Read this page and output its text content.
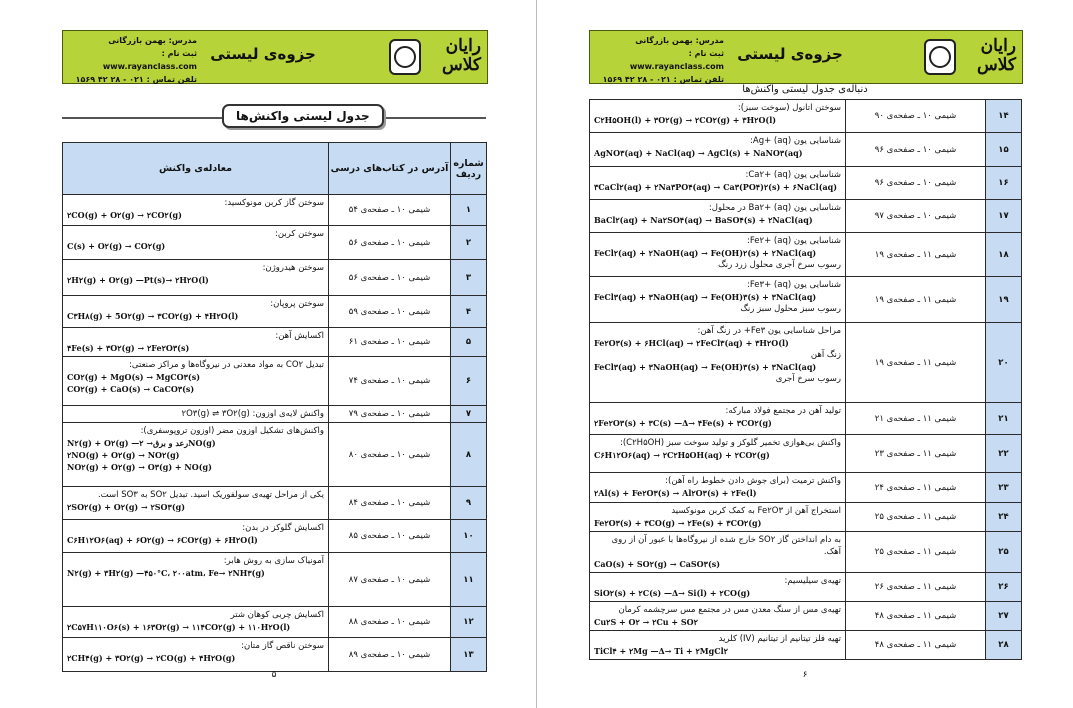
مدرس: بهمن بازرگانی
ثبت نام : www.rayanclass.com
تلفن تماس : ۰۲۱ - ۲۸ ۴۲ ۱۵۶۹
جزوه‌ی لیستی	رایان کلاس
جدول لیستی واکنش‌ها
معادله‌ی واکنش	آدرس در کتاب‌های درسی	شماره ردیف

سوختن گاز کربن مونوکسید:
۲CO(g) + O۲(g) → ۲CO۲(g)	شیمی ۱۰ ـ صفحه‌ی ۵۴	۱

سوختن کربن:
C(s) + O۲(g) → CO۲(g)	شیمی ۱۰ ـ صفحه‌ی ۵۶	۲

سوختن هیدروژن:
۲H۲(g) + O۲(g) —Pt(s)→ ۲H۲O(l)	شیمی ۱۰ ـ صفحه‌ی ۵۶	۳

سوختن پروپان:
C۳H۸(g) + 5O۲(g) → ۳CO۲(g) + ۴H۲O(l)	شیمی ۱۰ ـ صفحه‌ی ۵۹	۴

اکسایش آهن:
۴Fe(s) + ۳O۲(g) → ۲Fe۲O۳(s)	شیمی ۱۰ ـ صفحه‌ی ۶۱	۵

تبدیل CO۲ به مواد معدنی در نیروگاه‌ها و مراکز صنعتی:
CO۲(g) + MgO(s) → MgCO۳(s)
CO۲(g) + CaO(s) → CaCO۳(s)	شیمی ۱۰ ـ صفحه‌ی ۷۴	۶

واکنش لایه‌ی اوزون: ۲O۳(g) ⇌ ۳O۲(g)	شیمی ۱۰ ـ صفحه‌ی ۷۹	۷

واکنش‌های تشکیل اوزون مضر (اوزون تروپوسفری):
N۲(g) + O۲(g) —رعد و برق→ ۲NO(g)
۲NO(g) + O۲(g) → NO۲(g)
NO۲(g) + O۲(g) → O۳(g) + NO(g)	شیمی ۱۰ ـ صفحه‌ی ۸۰	۸

یکی از مراحل تهیه‌ی سولفوریک اسید. تبدیل SO۲ به SO۳ است.
۲SO۲(g) + O۲(g) → ۲SO۳(g)	شیمی ۱۰ ـ صفحه‌ی ۸۴	۹

اکسایش گلوکز در بدن:
C۶H۱۲O۶(aq) + ۶O۲(g) → ۶CO۲(g) + ۶H۲O(l)	شیمی ۱۰ ـ صفحه‌ی ۸۵	۱۰

آمونیاک سازی به روش هابر:
N۲(g) + ۳H۲(g) —۴۵۰°C، ۲۰۰atm، Fe→ ۲NH۳(g)	شیمی ۱۰ ـ صفحه‌ی ۸۷	۱۱

اکسایش چربی کوهان شتر
۲C۵۷H۱۱۰O۶(s) + ۱۶۳O۲(g) → ۱۱۴CO۲(g) + ۱۱۰H۲O(l)	شیمی ۱۰ ـ صفحه‌ی ۸۸	۱۲

سوختن ناقص گاز متان:
۲CH۴(g) + ۳O۲(g) → ۲CO(g) + ۴H۲O(g)	شیمی ۱۰ ـ صفحه‌ی ۸۹	۱۳
۵
مدرس: بهمن بازرگانی
ثبت نام : www.rayanclass.com
تلفن تماس : ۰۲۱ - ۲۸ ۴۲ ۱۵۶۹
جزوه‌ی لیستی	رایان کلاس
دنباله‌ی جدول لیستی واکنش‌ها
سوختن اتانول (سوخت سبز):
C۲H۵OH(l) + ۳O۲(g) → ۲CO۲(g) + ۳H۲O(l)	شیمی ۱۰ ـ صفحه‌ی ۹۰	۱۴

شناسایی یون Ag+ (aq):
AgNO۳(aq) + NaCl(aq) → AgCl(s) + NaNO۳(aq)	شیمی ۱۰ ـ صفحه‌ی ۹۶	۱۵

شناسایی یون Ca۲+ (aq):
۳CaCl۲(aq) + ۲Na۳PO۴(aq) → Ca۳(PO۴)۲(s) + ۶NaCl(aq)	شیمی ۱۰ ـ صفحه‌ی ۹۶	۱۶

شناسایی یون Ba۲+ (aq) در محلول:
BaCl۲(aq) + Na۲SO۴(aq) → BaSO۴(s) + ۲NaCl(aq)	شیمی ۱۰ ـ صفحه‌ی ۹۷	۱۷

شناسایی یون Fe۲+ (aq):
FeCl۲(aq) + ۲NaOH(aq) → Fe(OH)۲(s) + ۲NaCl(aq)
رسوب سرخ آجری محلول زرد رنگ	شیمی ۱۱ ـ صفحه‌ی ۱۹	۱۸

شناسایی یون Fe۳+ (aq):
FeCl۳(aq) + ۳NaOH(aq) → Fe(OH)۳(s) + ۳NaCl(aq)
رسوب سبز محلول سبز رنگ	شیمی ۱۱ ـ صفحه‌ی ۱۹	۱۹

مراحل شناسایی یون Fe۳+ در زنگ آهن:
Fe۲O۳(s) + ۶HCl(aq) → ۲FeCl۳(aq) + ۳H۲O(l)
زنگ آهن
FeCl۳(aq) + ۳NaOH(aq) → Fe(OH)۳(s) + ۳NaCl(aq)
رسوب سرخ آجری	شیمی ۱۱ ـ صفحه‌ی ۱۹	۲۰

تولید آهن در مجتمع فولاد مبارکه:
۲Fe۲O۳(s) + ۳C(s) —Δ→ ۴Fe(s) + ۳CO۲(g)	شیمی ۱۱ ـ صفحه‌ی ۲۱	۲۱

واکنش بی‌هوازی تخمیر گلوکز و تولید سوخت سبز (C۲H۵OH):
C۶H۱۲O۶(aq) → ۲C۲H۵OH(aq) + ۲CO۲(g)	شیمی ۱۱ ـ صفحه‌ی ۲۳	۲۲

واکنش ترمیت (برای جوش دادن خطوط راه آهن):
۲Al(s) + Fe۲O۳(s) → Al۲O۳(s) + ۲Fe(l)	شیمی ۱۱ ـ صفحه‌ی ۲۴	۲۳

استخراج آهن از Fe۲O۳ به کمک کربن مونوکسید
Fe۲O۳(s) + ۳CO(g) → ۲Fe(s) + ۳CO۲(g)	شیمی ۱۱ ـ صفحه‌ی ۲۵	۲۴

به دام انداختن گاز SO۲ خارج شده از نیروگاه‌ها با عبور آن از روی آهک.
CaO(s) + SO۲(g) → CaSO۳(s)	شیمی ۱۱ ـ صفحه‌ی ۲۵	۲۵

تهیه‌ی سیلیسیم:
SiO۲(s) + ۲C(s) —Δ→ Si(l) + ۲CO(g)	شیمی ۱۱ ـ صفحه‌ی ۲۶	۲۶

تهیه‌ی مس از سنگ معدن مس در مجتمع مس سرچشمه کرمان
Cu۲S + O۲ → ۲Cu + SO۲	شیمی ۱۱ ـ صفحه‌ی ۴۸	۲۷

تهیه فلز تیتانیم از تیتانیم (IV) کلرید
TiCl۴ + ۲Mg —Δ→ Ti + ۲MgCl۲	شیمی ۱۱ ـ صفحه‌ی ۴۸	۲۸
۶
